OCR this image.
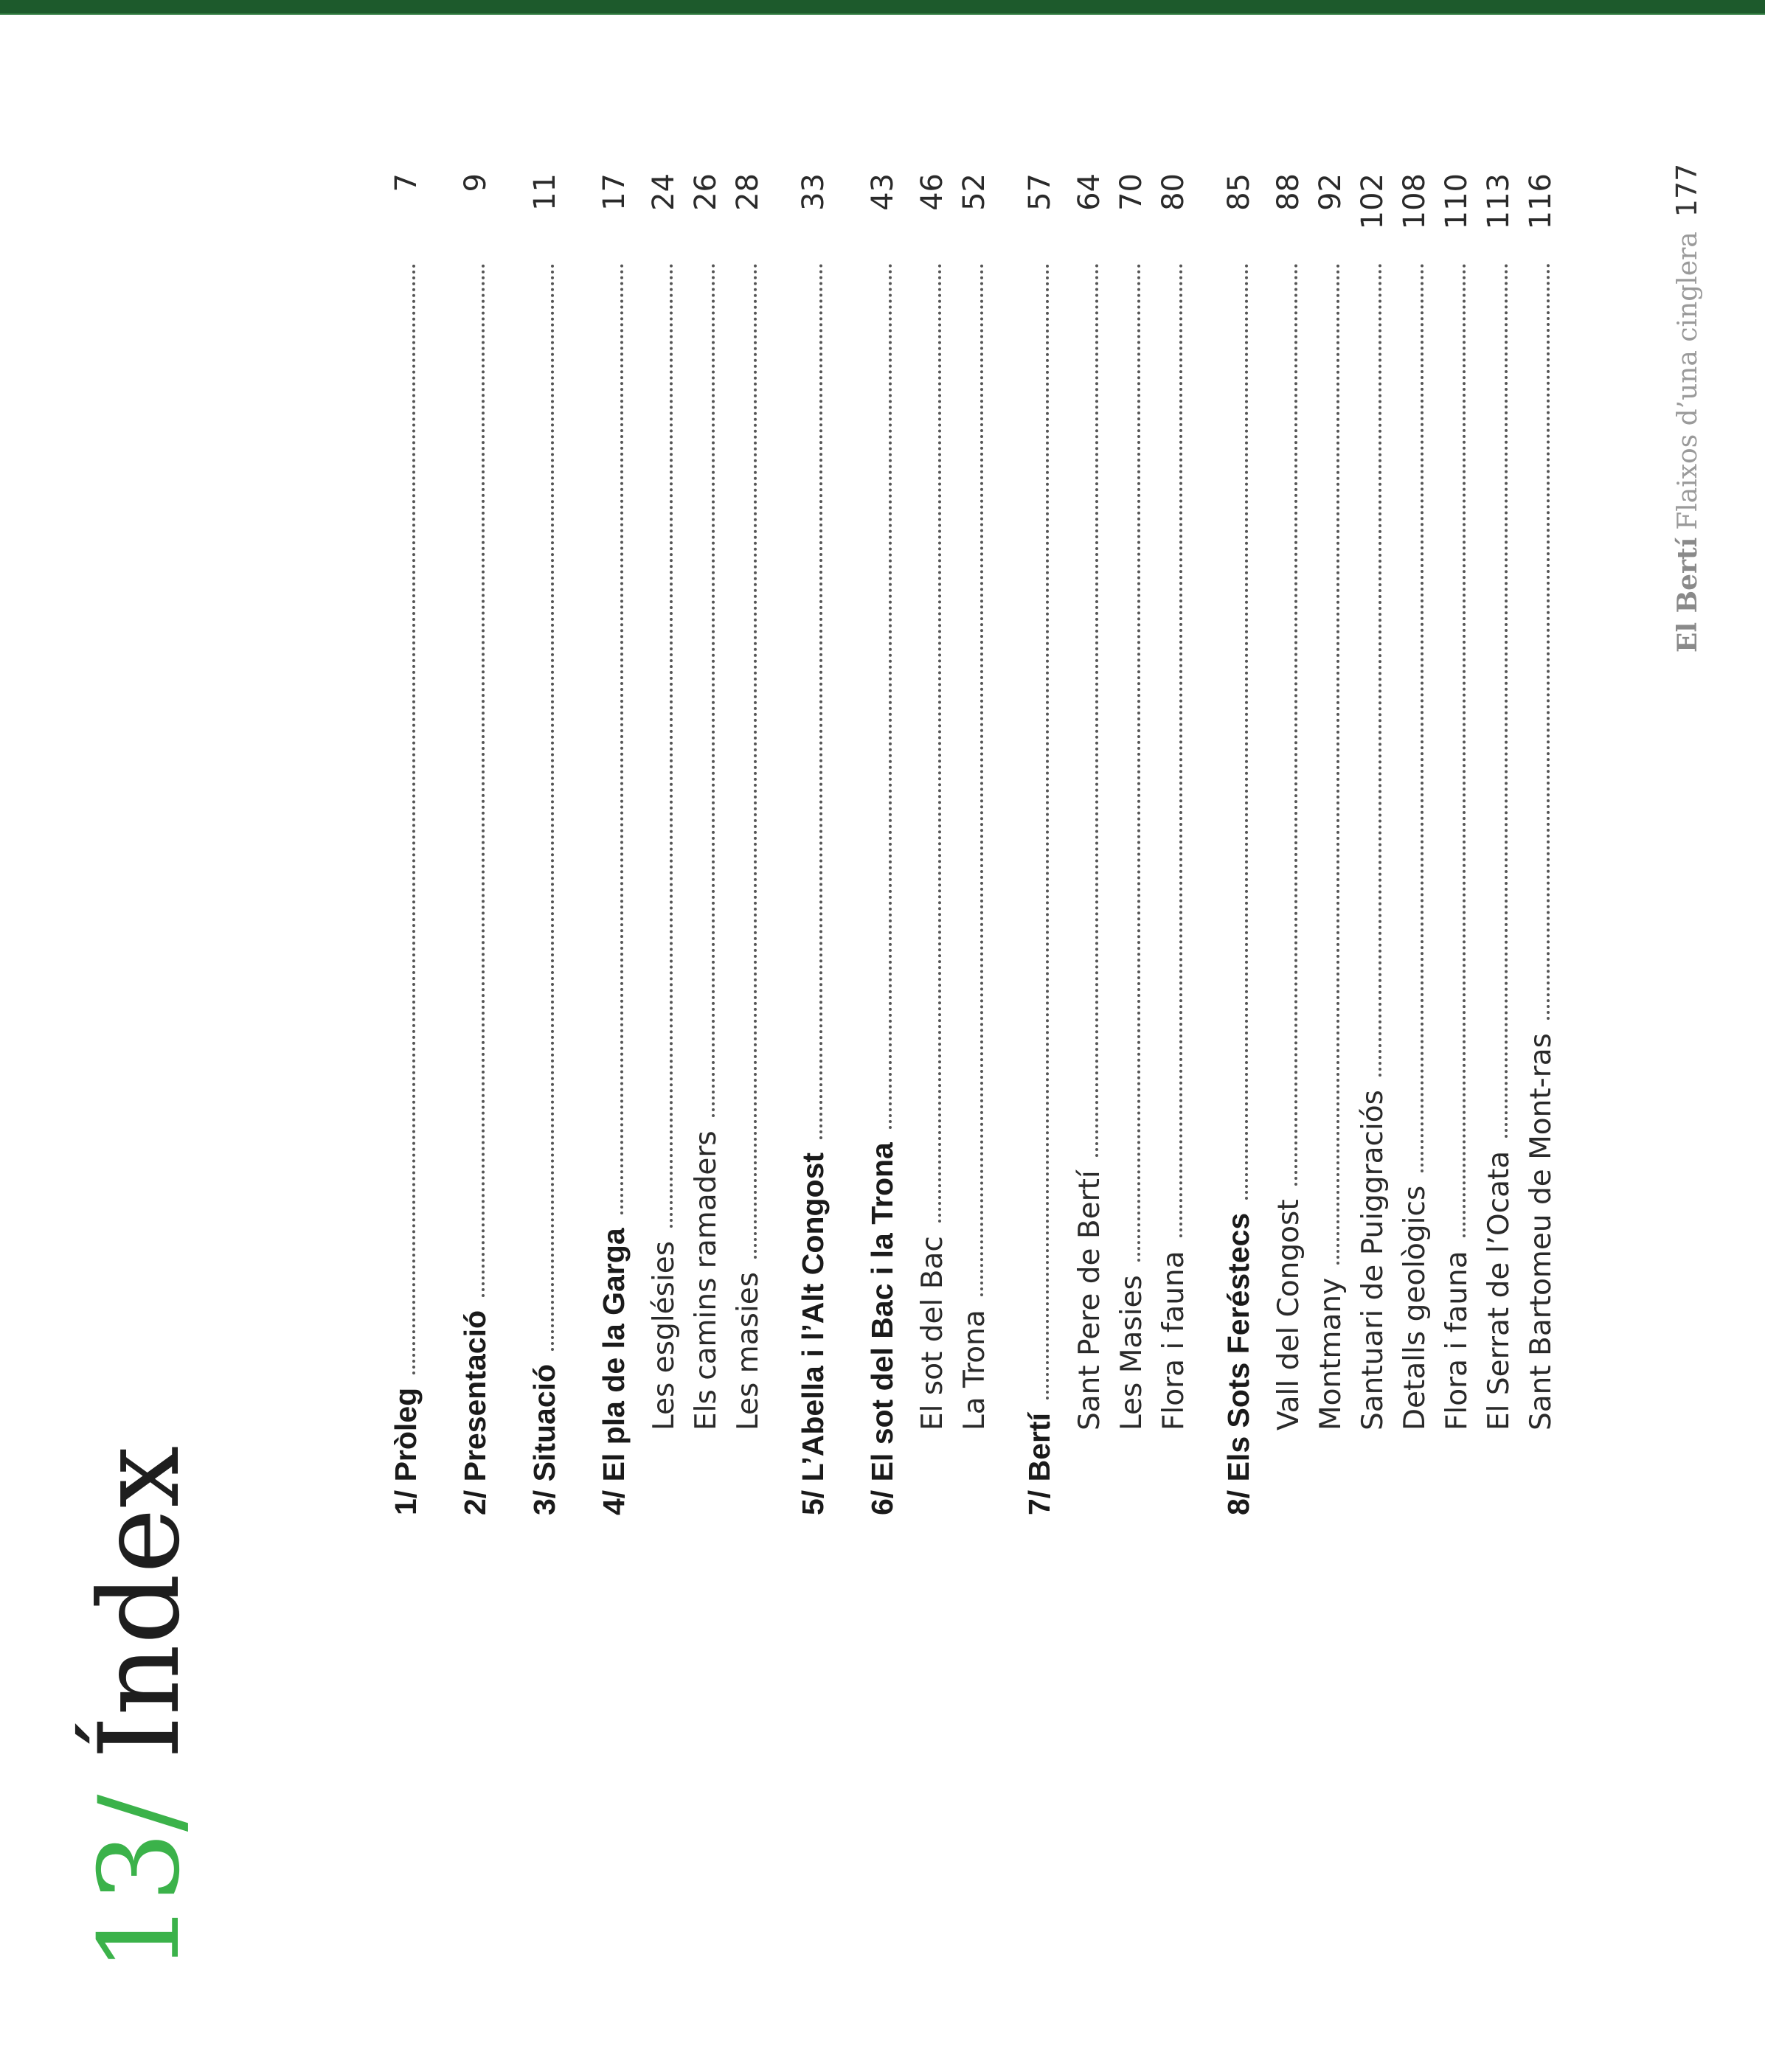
13/ Índex	1/ Pròleg
7
2/ Presentació
9
3/ Situació
11
4/ El pla de la Garga
17
Les esglésies
24
Els camins ramaders
26
Les masies
28
5/ L’Abella i l’Alt Congost
33
6/ El sot del Bac i la Trona
43
El sot del Bac
46
La Trona
52
7/ Bertí
57
Sant Pere de Bertí
64
Les Masies
70
Flora i fauna
80
8/ Els Sots Feréstecs
85
Vall del Congost
88
Montmany
92
Santuari de Puiggraciós
102
Detalls geològics
108
Flora i fauna
110
El Serrat de l’Ocata
113
Sant Bartomeu de Mont-ras
116
El BertíFlaixos d’una cinglera177
